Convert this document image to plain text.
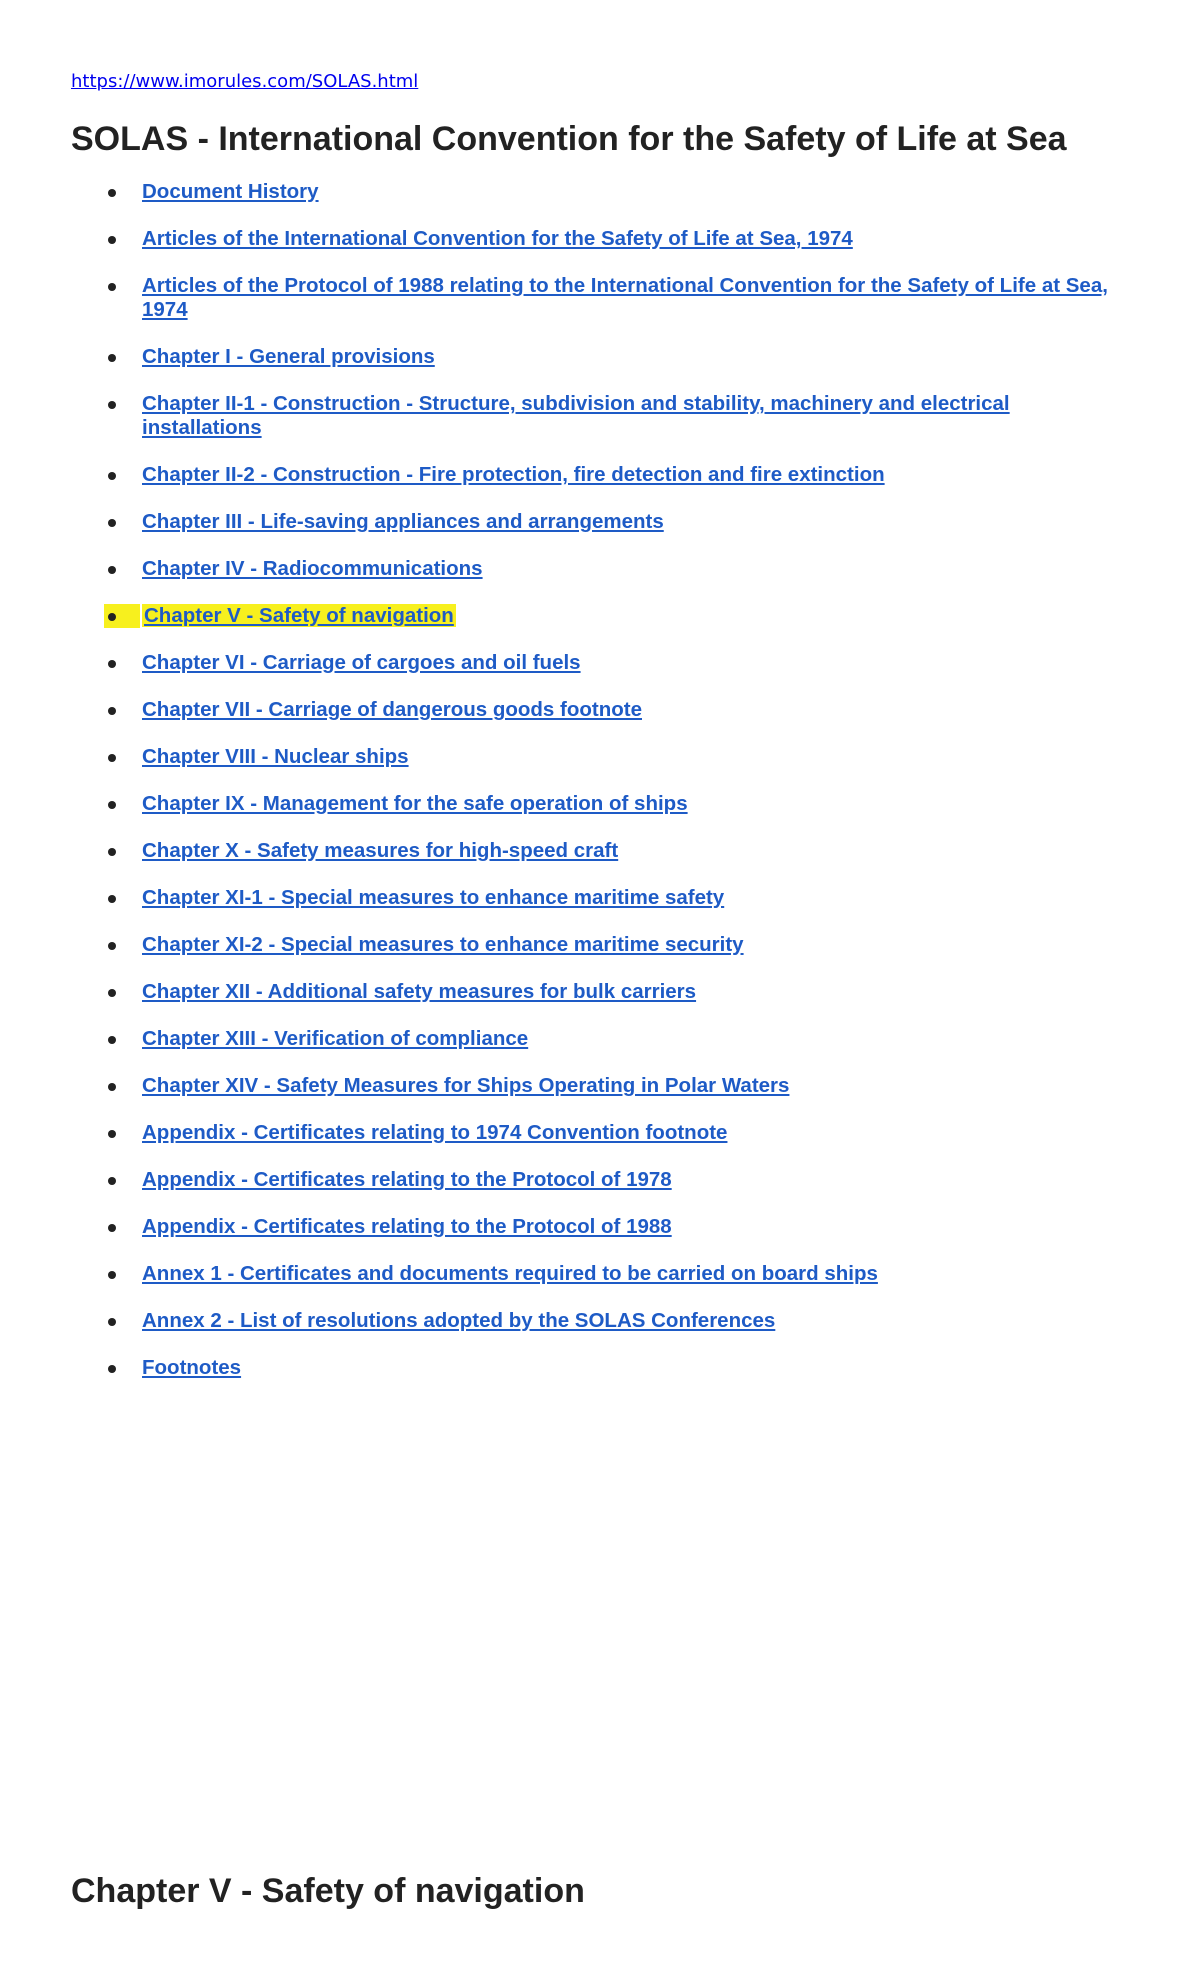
https://www.imorules.com/SOLAS.html
SOLAS - International Convention for the Safety of Life at Sea
Document History
Articles of the International Convention for the Safety of Life at Sea, 1974
Articles of the Protocol of 1988 relating to the International Convention for the Safety of Life at Sea, 1974
Chapter I - General provisions
Chapter II-1 - Construction - Structure, subdivision and stability, machinery and electrical installations
Chapter II-2 - Construction - Fire protection, fire detection and fire extinction
Chapter III - Life-saving appliances and arrangements
Chapter IV - Radiocommunications
Chapter V - Safety of navigation
Chapter VI - Carriage of cargoes and oil fuels
Chapter VII - Carriage of dangerous goods footnote
Chapter VIII - Nuclear ships
Chapter IX - Management for the safe operation of ships
Chapter X - Safety measures for high-speed craft
Chapter XI-1 - Special measures to enhance maritime safety
Chapter XI-2 - Special measures to enhance maritime security
Chapter XII - Additional safety measures for bulk carriers
Chapter XIII - Verification of compliance
Chapter XIV - Safety Measures for Ships Operating in Polar Waters
Appendix - Certificates relating to 1974 Convention footnote
Appendix - Certificates relating to the Protocol of 1978
Appendix - Certificates relating to the Protocol of 1988
Annex 1 - Certificates and documents required to be carried on board ships
Annex 2 - List of resolutions adopted by the SOLAS Conferences
Footnotes
Chapter V - Safety of navigation
